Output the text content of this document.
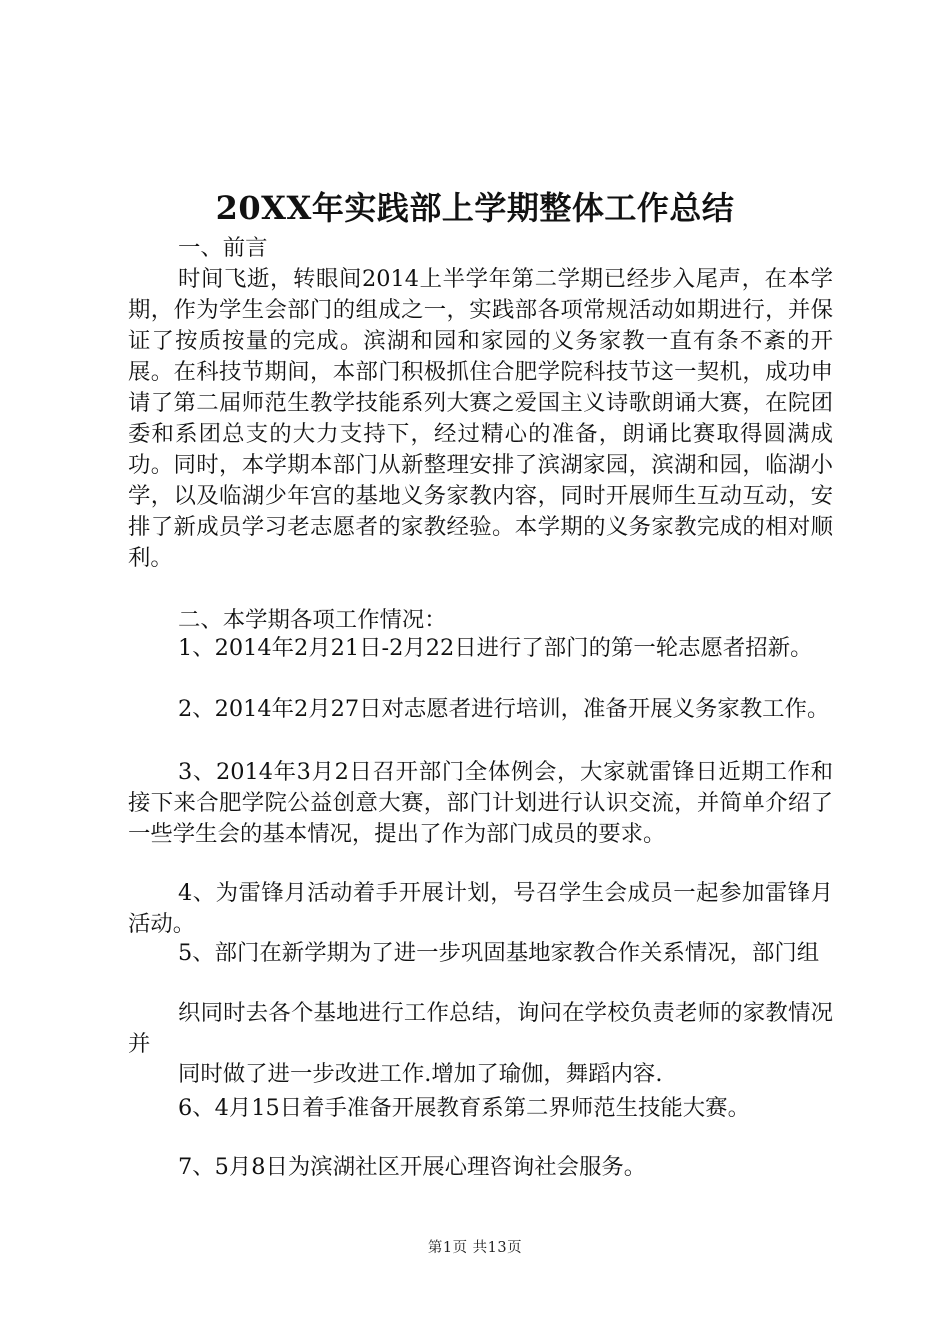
20XX年实践部上学期整体工作总结

一、前言

时间飞逝，转眼间2014上半学年第二学期已经步入尾声，在本学期，作为学生会部门的组成之一，实践部各项常规活动如期进行，并保证了按质按量的完成。滨湖和园和家园的义务家教一直有条不紊的开展。在科技节期间，本部门积极抓住合肥学院科技节这一契机，成功申请了第二届师范生教学技能系列大赛之爱国主义诗歌朗诵大赛，在院团委和系团总支的大力支持下，经过精心的准备，朗诵比赛取得圆满成功。同时，本学期本部门从新整理安排了滨湖家园，滨湖和园，临湖小学，以及临湖少年宫的基地义务家教内容，同时开展师生互动互动，安排了新成员学习老志愿者的家教经验。本学期的义务家教完成的相对顺利。

二、本学期各项工作情况：

1、2014年2月21日-2月22日进行了部门的第一轮志愿者招新。

2、2014年2月27日对志愿者进行培训，准备开展义务家教工作。

3、2014年3月2日召开部门全体例会，大家就雷锋日近期工作和接下来合肥学院公益创意大赛，部门计划进行认识交流，并简单介绍了一些学生会的基本情况，提出了作为部门成员的要求。

4、为雷锋月活动着手开展计划，号召学生会成员一起参加雷锋月活动。

5、部门在新学期为了进一步巩固基地家教合作关系情况，部门组

织同时去各个基地进行工作总结，询问在学校负责老师的家教情况并

同时做了进一步改进工作.增加了瑜伽，舞蹈内容.

6、4月15日着手准备开展教育系第二界师范生技能大赛。

7、5月8日为滨湖社区开展心理咨询社会服务。

第1页 共13页
